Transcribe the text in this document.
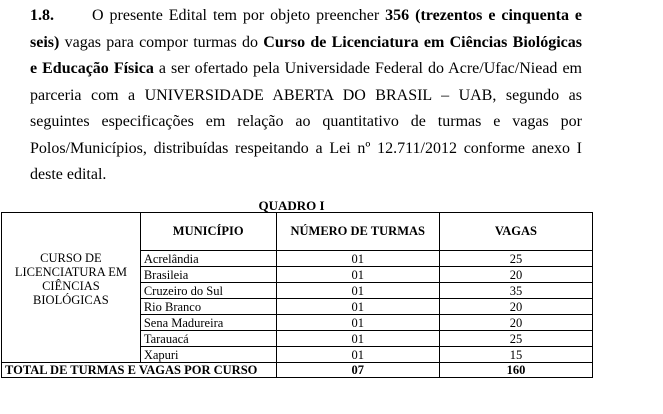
1.8. O presente Edital tem por objeto preencher 356 (trezentos e cinquenta e
seis) vagas para compor turmas do Curso de Licenciatura em Ciências Biológicas
e Educação Física a ser ofertado pela Universidade Federal do Acre/Ufac/Niead em
parceria com a UNIVERSIDADE ABERTA DO BRASIL – UAB, segundo as
seguintes especificações em relação ao quantitativo de turmas e vagas por
Polos/Municípios, distribuídas respeitando a Lei nº 12.711/2012 conforme anexo I
deste edital.
QUADRO I
	MUNICÍPIO	NÚMERO DE TURMAS	VAGAS
CURSO DE LICENCIATURA EM CIÊNCIAS BIOLÓGICAS	Acrelândia	01	25
	Brasileia	01	20
	Cruzeiro do Sul	01	35
	Rio Branco	01	20
	Sena Madureira	01	20
	Tarauacá	01	25
	Xapuri	01	15
TOTAL DE TURMAS E VAGAS POR CURSO		07	160
